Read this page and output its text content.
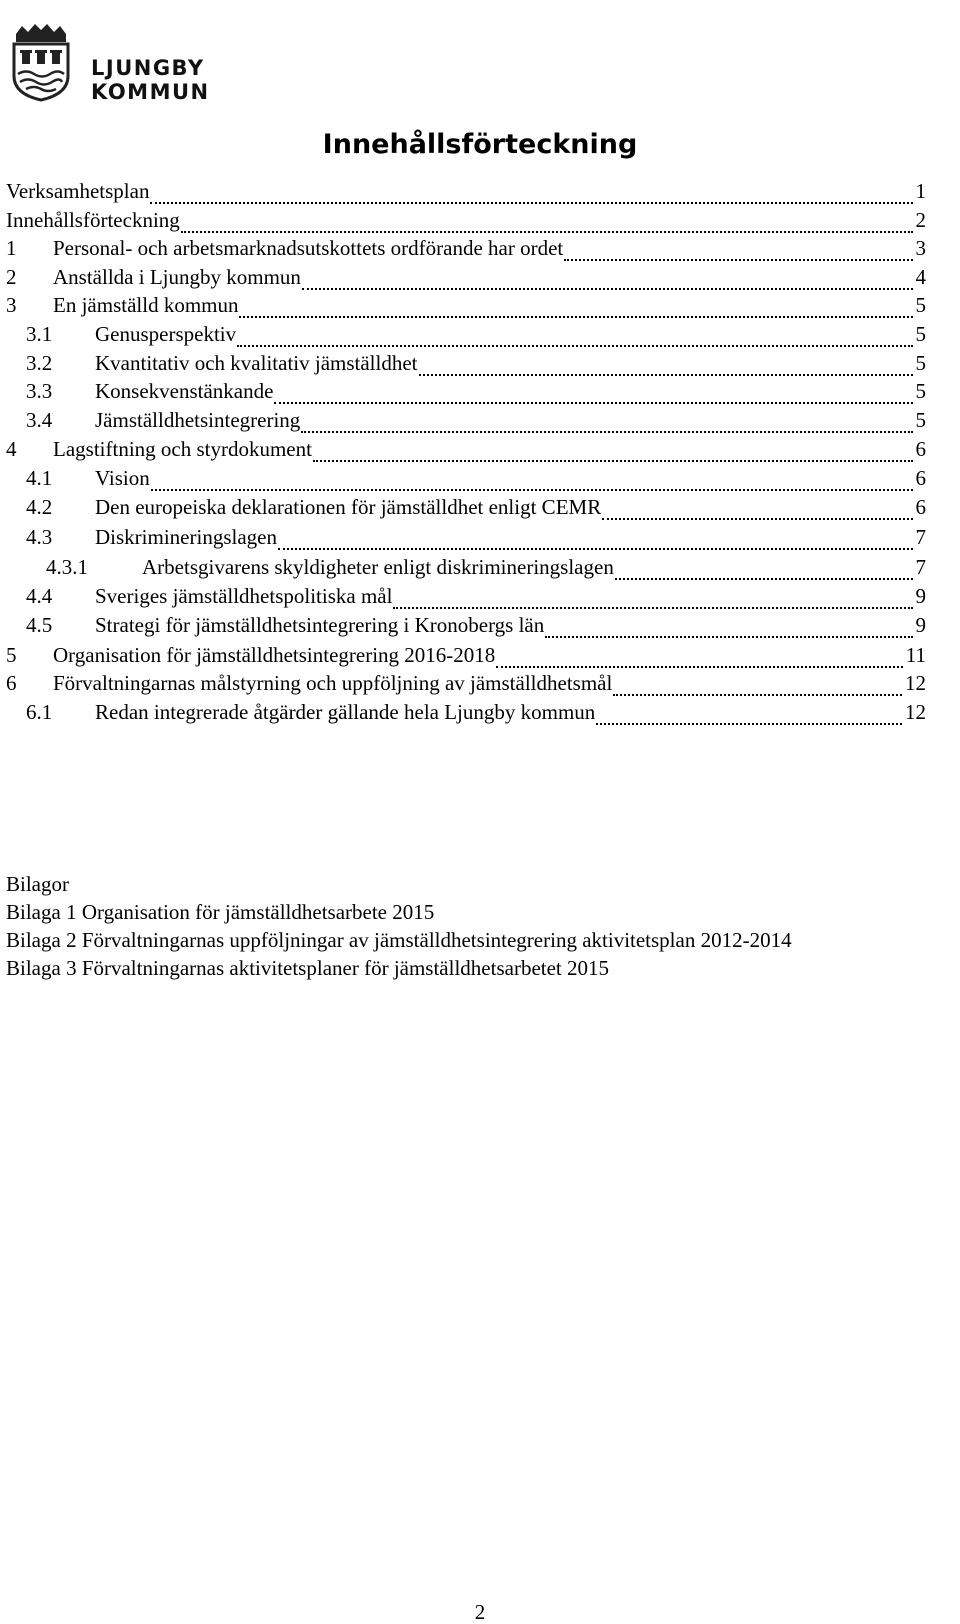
LJUNGBY
KOMMUN
Innehållsförteckning
Verksamhetsplan	1
Innehållsförteckning	2
1	Personal- och arbetsmarknadsutskottets ordförande har ordet	3
2	Anställda i Ljungby kommun	4
3	En jämställd kommun	5
3.1	Genusperspektiv	5
3.2	Kvantitativ och kvalitativ jämställdhet	5
3.3	Konsekvenstänkande	5
3.4	Jämställdhetsintegrering	5
4	Lagstiftning och styrdokument	6
4.1	Vision	6
4.2	Den europeiska deklarationen för jämställdhet enligt CEMR	6
4.3	Diskrimineringslagen	7
4.3.1	Arbetsgivarens skyldigheter enligt diskrimineringslagen	7
4.4	Sveriges jämställdhetspolitiska mål	9
4.5	Strategi för jämställdhetsintegrering i Kronobergs län	9
5	Organisation för jämställdhetsintegrering 2016-2018	11
6	Förvaltningarnas målstyrning och uppföljning av jämställdhetsmål	12
6.1	Redan integrerade åtgärder gällande hela Ljungby kommun	12
Bilagor
Bilaga 1 Organisation för jämställdhetsarbete 2015
Bilaga 2 Förvaltningarnas uppföljningar av jämställdhetsintegrering aktivitetsplan 2012-2014
Bilaga 3 Förvaltningarnas aktivitetsplaner för jämställdhetsarbetet 2015
2
